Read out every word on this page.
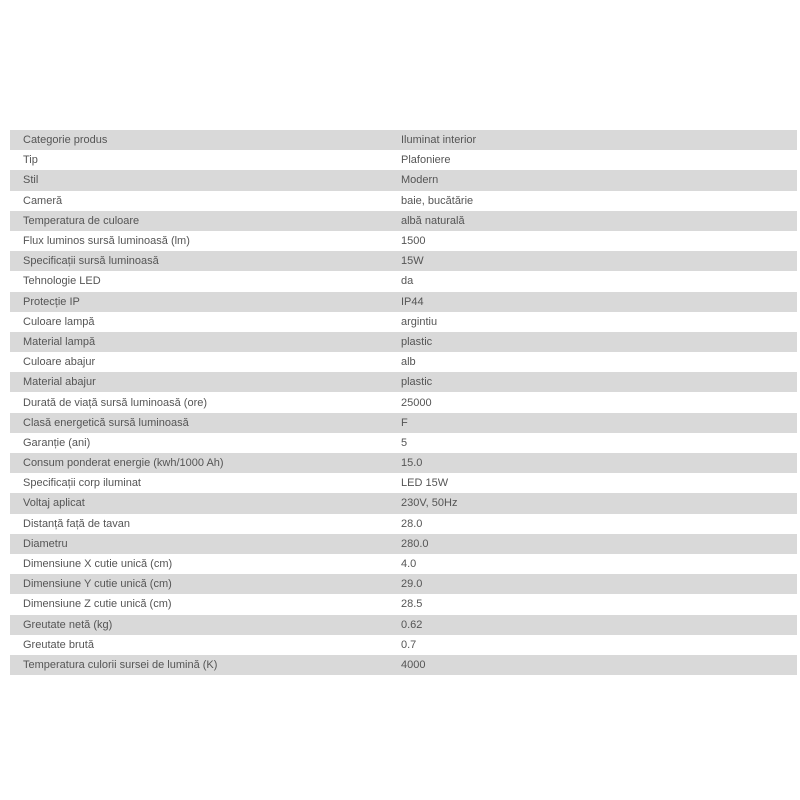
Categorie produs	Iluminat interior
Tip	Plafoniere
Stil	Modern
Cameră	baie, bucătărie
Temperatura de culoare	albă naturală
Flux luminos sursă luminoasă (lm)	1500
Specificații sursă luminoasă	15W
Tehnologie LED	da
Protecție IP	IP44
Culoare lampă	argintiu
Material lampă	plastic
Culoare abajur	alb
Material abajur	plastic
Durată de viață sursă luminoasă (ore)	25000
Clasă energetică sursă luminoasă	F
Garanție (ani)	5
Consum ponderat energie (kwh/1000 Ah)	15.0
Specificații corp iluminat	LED 15W
Voltaj aplicat	230V, 50Hz
Distanță față de tavan	28.0
Diametru	280.0
Dimensiune X cutie unică (cm)	4.0
Dimensiune Y cutie unică (cm)	29.0
Dimensiune Z cutie unică (cm)	28.5
Greutate netă (kg)	0.62
Greutate brută	0.7
Temperatura culorii sursei de lumină (K)	4000
